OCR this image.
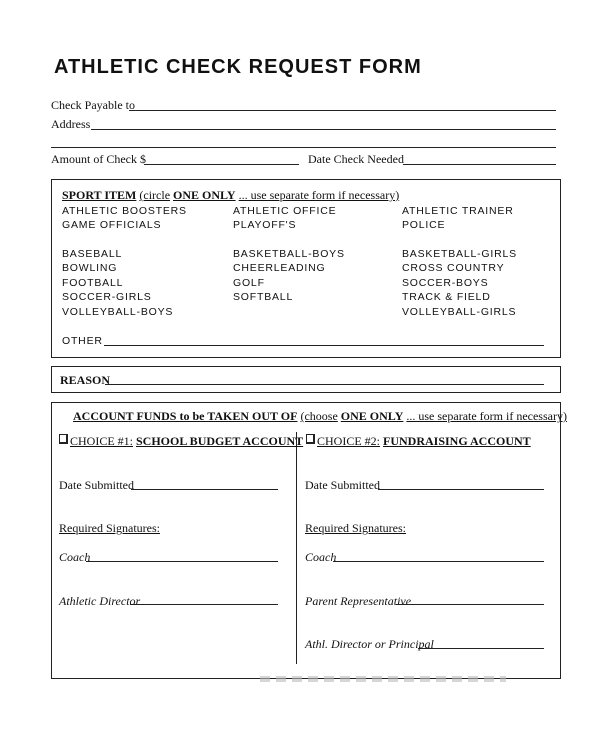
ATHLETIC CHECK REQUEST FORM
Check Payable to
Address
Amount of Check $	Date Check Needed
SPORT ITEM (circle ONE ONLY ... use separate form if necessary)
ATHLETIC BOOSTERS
GAME OFFICIALS
BASEBALL
BOWLING
FOOTBALL
SOCCER-GIRLS
VOLLEYBALL-BOYS
ATHLETIC OFFICE
PLAYOFF'S
BASKETBALL-BOYS
CHEERLEADING
GOLF
SOFTBALL
ATHLETIC TRAINER
POLICE
BASKETBALL-GIRLS
CROSS COUNTRY
SOCCER-BOYS
TRACK & FIELD
VOLLEYBALL-GIRLS
OTHER
REASON
ACCOUNT FUNDS to be TAKEN OUT OF (choose ONE ONLY ... use separate form if necessary)
CHOICE #1: SCHOOL BUDGET ACCOUNT
Date Submitted
Required Signatures:
Coach
Athletic Director
CHOICE #2: FUNDRAISING ACCOUNT
Date Submitted
Required Signatures:
Coach
Parent Representative
Athl. Director or Principal
